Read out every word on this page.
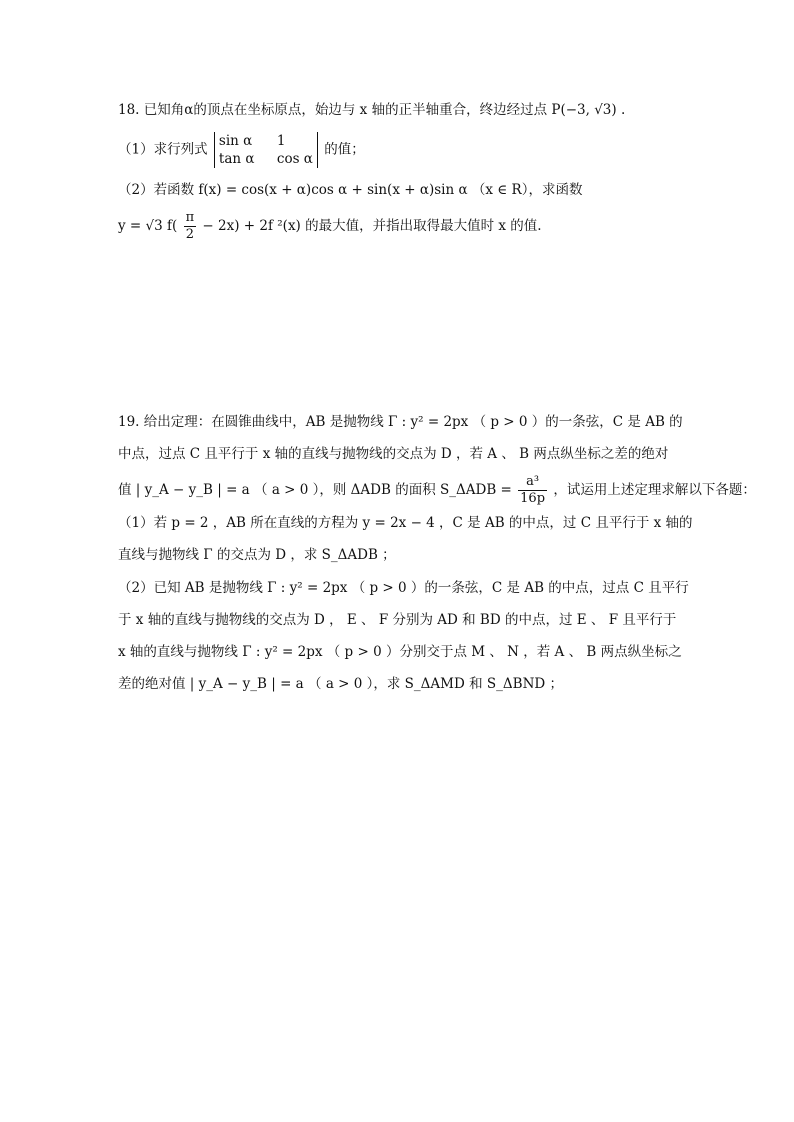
18. 已知角α的顶点在坐标原点，始边与 x 轴的正半轴重合，终边经过点 P(−3, √3) .
（1）求行列式
sin α	1
tan α	cos α
的值；
（2）若函数 f(x) = cos(x + α)cos α + sin(x + α)sin α （x ∈ R），求函数
y = √3 $f( \frac{\pi}{2} - 2x) + 2f$ ²(x) 的最大值，并指出取得最大值时 x 的值.
19. 给出定理：在圆锥曲线中，AB 是抛物线 Γ : y² = 2px （ p > 0 ）的一条弦，C 是 AB 的
中点，过点 C 且平行于 x 轴的直线与抛物线的交点为 D ，若 A 、 B 两点纵坐标之差的绝对
值 | y_A − y_B | = a （ a > 0 ），则 ΔADB 的面积 S_ΔADB = $\frac{\text{a³}}{16p}$ ，试运用上述定理求解以下各题：
（1）若 p = 2 ，AB 所在直线的方程为 y = 2x − 4 ，C 是 AB 的中点，过 C 且平行于 x 轴的
直线与抛物线 Γ 的交点为 D ，求 S_ΔADB ；
（2）已知 AB 是抛物线 Γ : y² = 2px （ p > 0 ）的一条弦，C 是 AB 的中点，过点 C 且平行
于 x 轴的直线与抛物线的交点为 D ， E 、 F 分别为 AD 和 BD 的中点，过 E 、 F 且平行于
x 轴的直线与抛物线 Γ : y² = 2px （ p > 0 ）分别交于点 M 、 N ，若 A 、 B 两点纵坐标之
差的绝对值 | y_A − y_B | = a （ a > 0 ），求 S_ΔAMD 和 S_ΔBND ；
